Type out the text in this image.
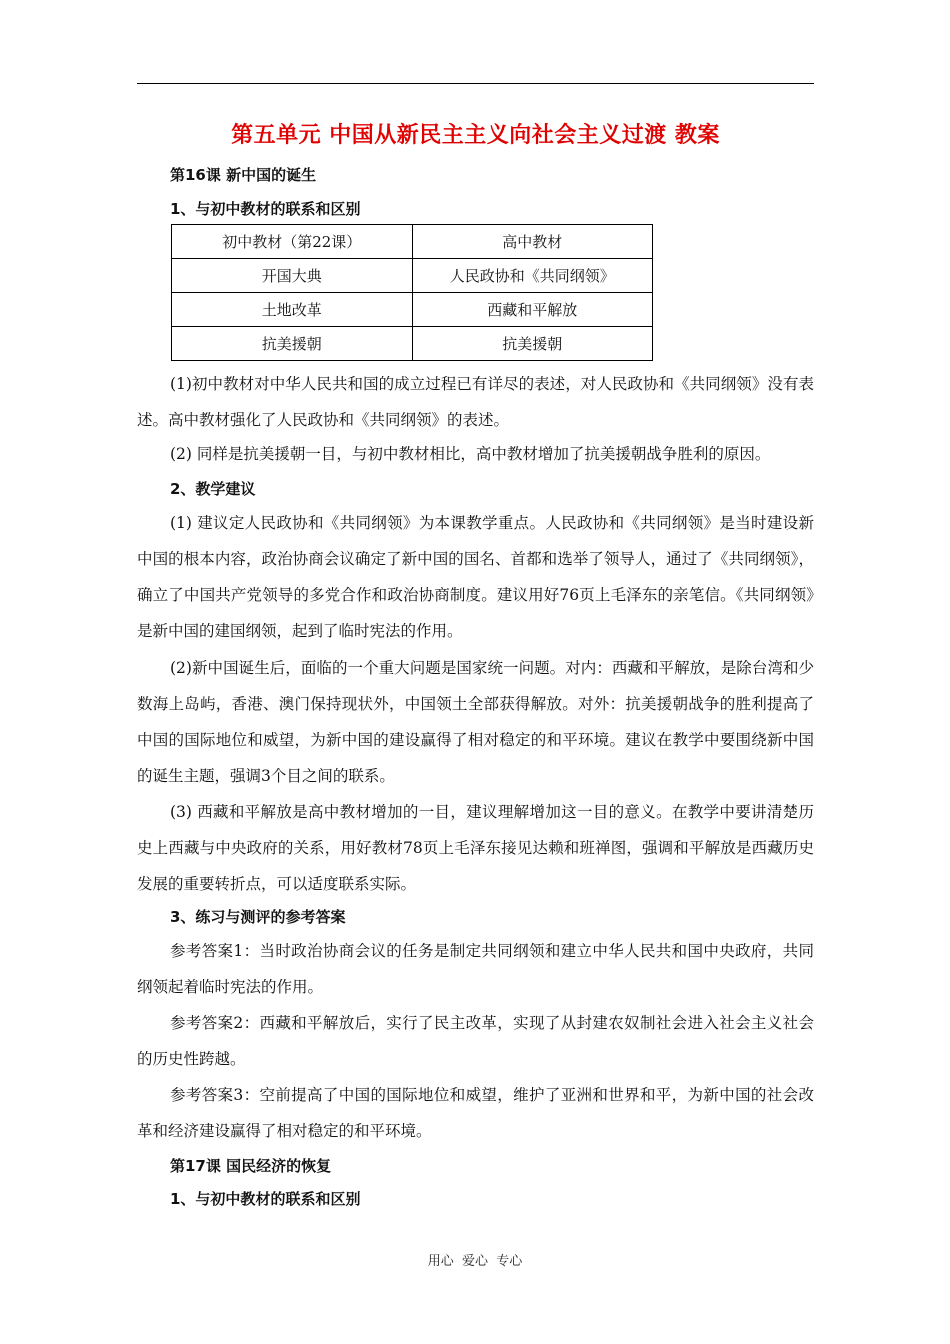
第五单元 中国从新民主主义向社会主义过渡 教案
第16课 新中国的诞生
1、与初中教材的联系和区别
初中教材（第22课）	高中教材
开国大典	人民政协和《共同纲领》
土地改革	西藏和平解放
抗美援朝	抗美援朝

(1)初中教材对中华人民共和国的成立过程已有详尽的表述，对人民政协和《共同纲领》没有表述。高中教材强化了人民政协和《共同纲领》的表述。

(2) 同样是抗美援朝一目，与初中教材相比，高中教材增加了抗美援朝战争胜利的原因。

2、教学建议

(1) 建议定人民政协和《共同纲领》为本课教学重点。人民政协和《共同纲领》是当时建设新中国的根本内容，政治协商会议确定了新中国的国名、首都和选举了领导人，通过了《共同纲领》，确立了中国共产党领导的多党合作和政治协商制度。建议用好76页上毛泽东的亲笔信。《共同纲领》是新中国的建国纲领，起到了临时宪法的作用。

(2)新中国诞生后，面临的一个重大问题是国家统一问题。对内：西藏和平解放，是除台湾和少数海上岛屿，香港、澳门保持现状外，中国领土全部获得解放。对外：抗美援朝战争的胜利提高了中国的国际地位和威望，为新中国的建设赢得了相对稳定的和平环境。建议在教学中要围绕新中国的诞生主题，强调3个目之间的联系。

(3) 西藏和平解放是高中教材增加的一目，建议理解增加这一目的意义。在教学中要讲清楚历史上西藏与中央政府的关系，用好教材78页上毛泽东接见达赖和班禅图，强调和平解放是西藏历史发展的重要转折点，可以适度联系实际。

3、练习与测评的参考答案

参考答案1：当时政治协商会议的任务是制定共同纲领和建立中华人民共和国中央政府，共同纲领起着临时宪法的作用。

参考答案2：西藏和平解放后，实行了民主改革，实现了从封建农奴制社会进入社会主义社会的历史性跨越。

参考答案3：空前提高了中国的国际地位和威望，维护了亚洲和世界和平，为新中国的社会改革和经济建设赢得了相对稳定的和平环境。

第17课 国民经济的恢复
1、与初中教材的联系和区别
用心  爱心  专心
